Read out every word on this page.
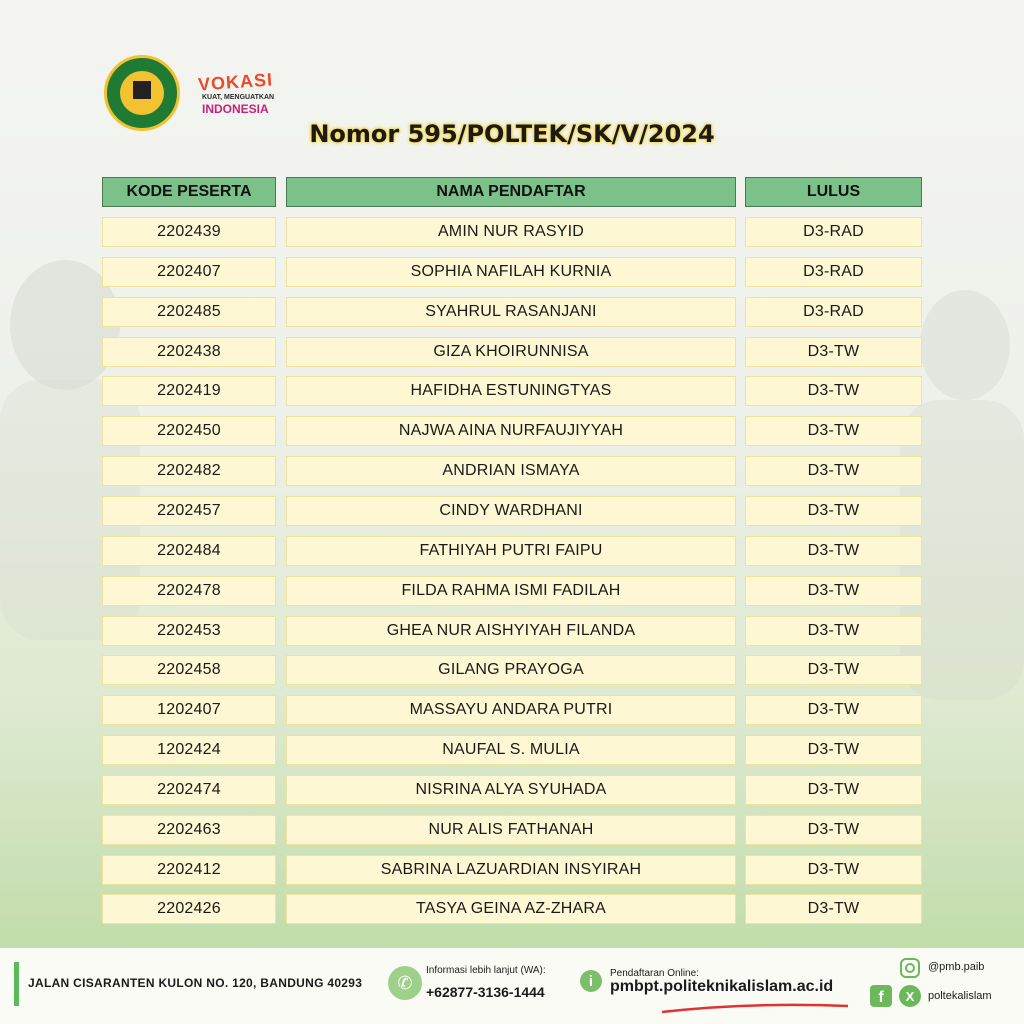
VOKASI
KUAT, MENGUATKAN
INDONESIA
Nomor 595/POLTEK/SK/V/2024
KODE PESERTA	NAMA PENDAFTAR	LULUS
2202439	AMIN NUR RASYID	D3-RAD
2202407	SOPHIA NAFILAH KURNIA	D3-RAD
2202485	SYAHRUL RASANJANI	D3-RAD
2202438	GIZA KHOIRUNNISA	D3-TW
2202419	HAFIDHA ESTUNINGTYAS	D3-TW
2202450	NAJWA AINA NURFAUJIYYAH	D3-TW
2202482	ANDRIAN ISMAYA	D3-TW
2202457	CINDY WARDHANI	D3-TW
2202484	FATHIYAH PUTRI FAIPU	D3-TW
2202478	FILDA RAHMA ISMI FADILAH	D3-TW
2202453	GHEA NUR AISHYIYAH FILANDA	D3-TW
2202458	GILANG PRAYOGA	D3-TW
1202407	MASSAYU ANDARA PUTRI	D3-TW
1202424	NAUFAL S. MULIA	D3-TW
2202474	NISRINA ALYA SYUHADA	D3-TW
2202463	NUR ALIS FATHANAH	D3-TW
2202412	SABRINA LAZUARDIAN INSYIRAH	D3-TW
2202426	TASYA GEINA AZ-ZHARA	D3-TW
JALAN CISARANTEN KULON NO. 120, BANDUNG 40293	✆
Informasi lebih lanjut (WA):
+62877-3136-1444
i	Pendaftaran Online:
pmbpt.politeknikalislam.ac.id
@pmb.paib
f	X	poltekalislam
